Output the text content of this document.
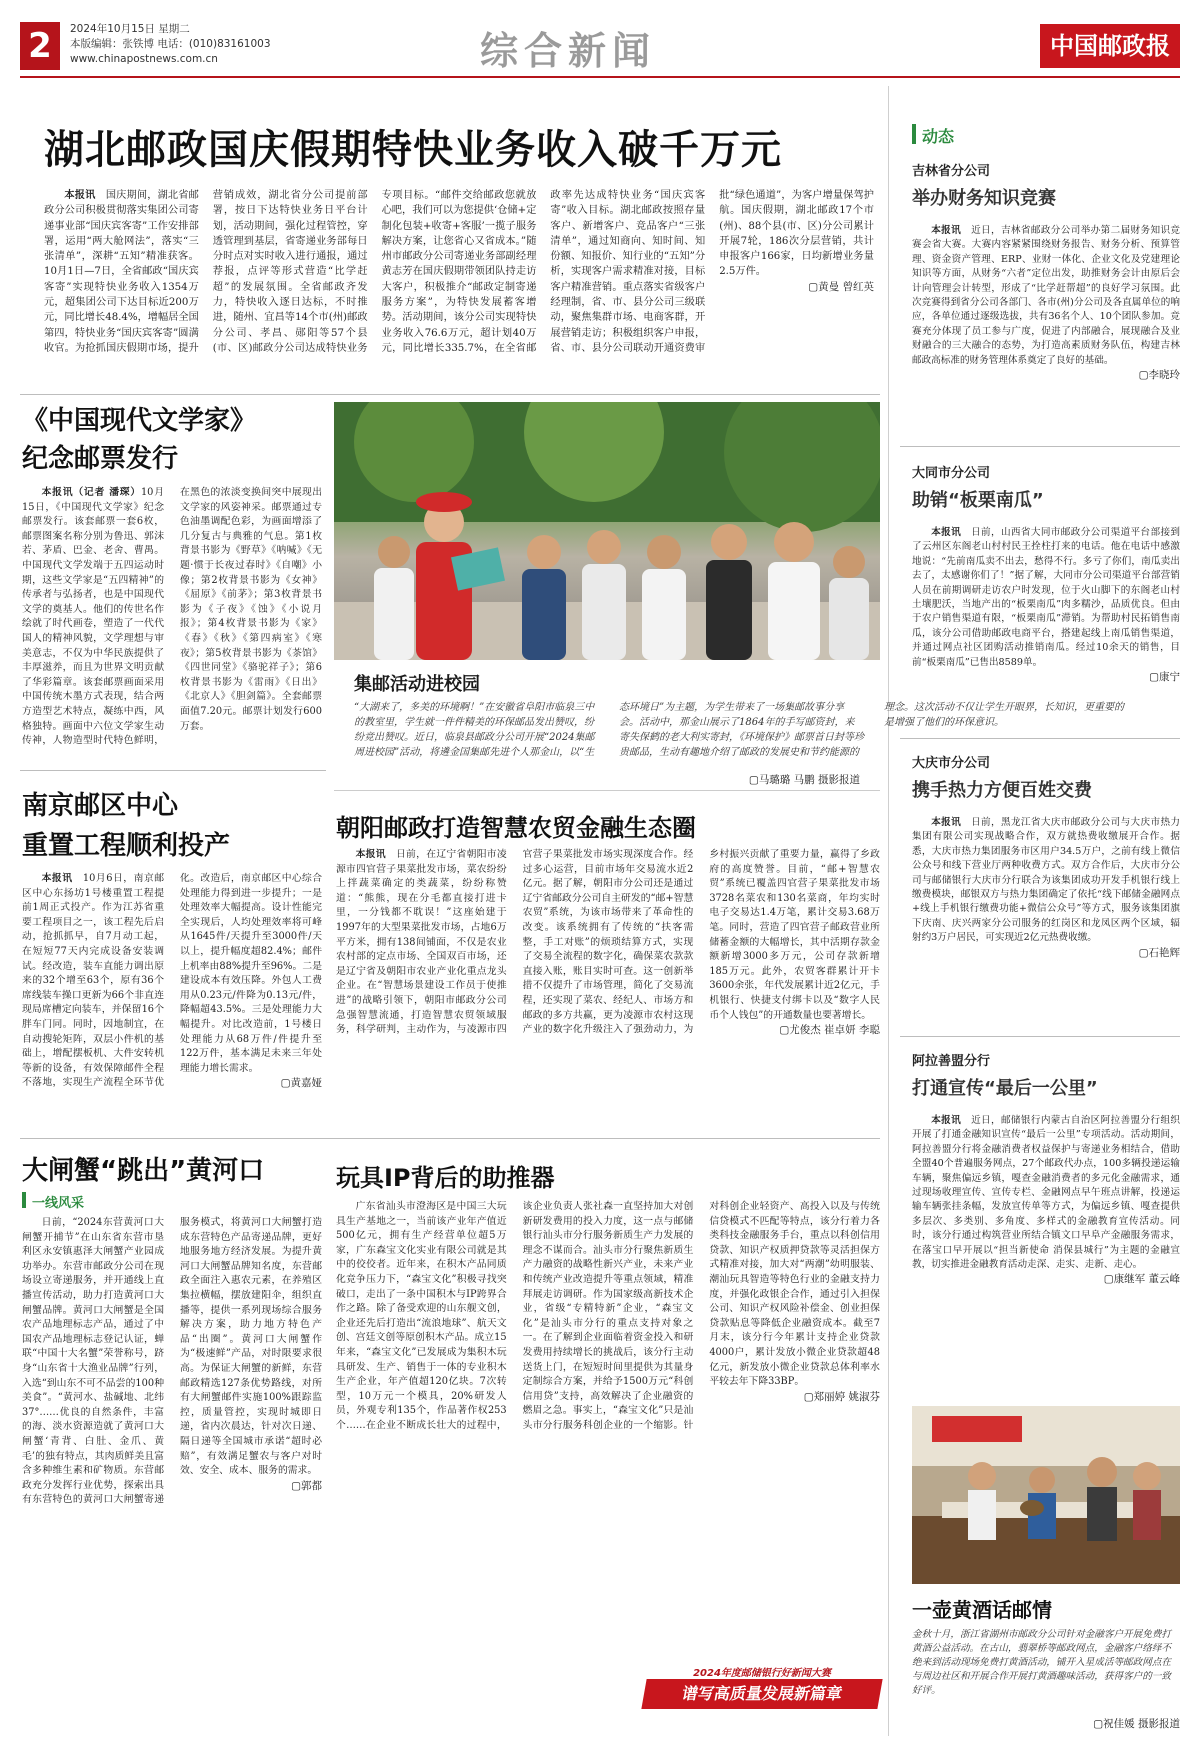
2	2024年10月15日 星期二
本版编辑：张铁博 电话：(010)83161003
www.chinapostnews.com.cn	综合新闻	中国邮政报
湖北邮政国庆假期特快业务收入破千万元

本报讯　 国庆期间，湖北省邮政分公司积极贯彻落实集团公司寄递事业部“国庆宾客寄”工作安排部署，运用“两大舱网法”，落实“三张清单”，深耕“五知”精准获客。10月1日—7日，全省邮政“国庆宾客寄”实现特快业务收入1354万元，超集团公司下达目标近200万元，同比增长48.4%，增幅居全国第四，特快业务“国庆宾客寄”圆满收官。为抢抓国庆假期市场，提升营销成效，湖北省分公司提前部署，按日下达特快业务日平台计划，活动期间，强化过程管控，穿透管理到基层，省寄递业务部每日分时点对实时收入进行通报，通过荐报，点评等形式营造“比学赶超”的发展氛围。全省邮政齐发力，特快收入逐日达标，不时推进，随州、宜昌等14个市(州)邮政分公司、孝昌、郧阳等57个县(市、区)邮政分公司达成特快业务专项目标。“邮件交给邮政您就放心吧，我们可以为您提供‘仓储+定制化包装+收寄+客服’一揽子服务解决方案，让您省心又省成本。”随州市邮政分公司寄递业务部副经理黄志芳在国庆假期带领团队持走访大客户，积极推介“邮政定制寄递服务方案”，为特快发展蓄客增势。活动期间，该分公司实现特快业务收入76.6万元，超计划40万元，同比增长335.7%，在全省邮政率先达成特快业务“国庆宾客寄”收入目标。湖北邮政按照存量客户、新增客户、竞品客户“三张清单”，通过知商向、知时间、知份额、知报价、知行业的“五知”分析，实现客户需求精准对接，目标客户精准营销。重点落实省级客户经理制，省、市、县分公司三级联动，聚焦集群市场、电商客群，开展营销走访；积极组织客户申报，省、市、县分公司联动开通资费审批“绿色通道”，为客户增量保驾护航。国庆假期，湖北邮政17个市(州)、88个县(市、区)分公司累计开展7轮，186次分层营销，共计申报客户166家，日均新增业务量2.5万件。

▢黄曼 曾红英
《中国现代文学家》
纪念邮票发行

本报讯（记者 潘琛）10月15日，《中国现代文学家》纪念邮票发行。该套邮票一套6枚，邮票图案名称分别为鲁迅、郭沫若、茅盾、巴金、老舍、曹禺。中国现代文学发端于五四运动时期，这些文学家是“五四精神”的传承者与弘扬者，也是中国现代文学的奠基人。他们的传世名作绘就了时代画卷，塑造了一代代国人的精神风貌，文学理想与审美意志，不仅为中华民族提供了丰厚滋养，而且为世界文明贡献了华彩篇章。该套邮票画面采用中国传统木墨方式表现，结合两方造型艺术特点，凝练中西，风格独特。画面中六位文学家生动传神，人物造型时代特色鲜明，在黑色的浓淡变换间突中展现出文学家的风姿神采。邮票通过专色油墨调配色彩，为画面增添了几分复古与典雅的气息。第1枚背景书影为《野草》《呐喊》《无题·惯于长夜过春时》《自嘲》小像；第2枚背景书影为《女神》《屈原》《前茅》；第3枚背景书影为《子夜》《蚀》《小说月报》；第4枚背景书影为《家》《春》《秋》《第四病室》《寒夜》；第5枚背景书影为《茶馆》《四世同堂》《骆驼祥子》；第6枚背景书影为《雷雨》《日出》《北京人》《胆剑篇》。全套邮票面值7.20元。邮票计划发行600万套。

集邮活动进校园
“大湖来了，多美的环境啊！”在安徽省阜阳市临泉三中的教室里，学生就一件件精美的环保邮品发出赞叹，纷纷竞出赞叹。近日，临泉县邮政分公司开展“2024集邮周进校园”活动，将遴金国集邮先进个人那金山，以“生态环境日”为主题，为学生带来了一场集邮故事分享会。活动中，那金山展示了1864年的手写邮资封，来寄失保鹤的老大利实寄封，《环境保护》邮票首日封等珍贵邮品，生动有趣地介绍了邮政的发展史和节约能源的理念。这次活动不仅让学生开眼界，长知识，更重要的是增强了他们的环保意识。
▢马璐璐 马鹏 摄影报道
南京邮区中心
重置工程顺利投产

本报讯　 10月6日，南京邮区中心东扬坊1号楼重置工程提前1周正式投产。作为江苏省重要工程项目之一，该工程先后启动，抢抓抓早，自7月动工起，在短短77天内完成设备安装调试。经改造，装车直能力调出原来的32个增至63个，原有36个席线装车操口更新为66个非直连现局席槽定向装车，并保留16个胖车门同。同时，因地制宜，在自动搜轮矩阵，双层小件机的基础上，增配摆板机、大件安转机等新的设备，有效保障邮件全程不落地，实现生产流程全环节优化。改造后，南京邮区中心综合处理能力得到进一步提升；一是处理效率大幅提高。设计性能完全实现后，人均处理效率将可峰从1645件/天提升至3000件/天以上，提升幅度超82.4%；邮件上机率由88%提升至96%。二是建设成本有效压降。外包人工费用从0.23元/件降为0.13元/件，降幅超43.5%。三是处理能力大幅提升。对比改造前，1号楼日处理能力从68万件/件提升至122万件，基本满足未来三年处理能力增长需求。

▢黄嘉娅
朝阳邮政打造智慧农贸金融生态圈

本报讯　 日前，在辽宁省朝阳市凌源市四官营子果菜批发市场，菜农纷纷上拌蔬菜确定的类蔬菜，纷纷称赞道：“熊熊，现在分毛都直接打进卡里，一分钱都不耽误！”这座始建于1997年的大型果菜批发市场，占地6万平方米，拥有138间铺面，不仅是农业农村部的定点市场、全国双百市场，还是辽宁省及朝阳市农业产业化重点龙头企业。在“智慧场景建设工作员于使推进”的战略引领下，朝阳市邮政分公司急强智慧流通，打造智慧农贸领域服务，科学研判，主动作为，与凌源市四官营子果菜批发市场实现深度合作。经过多心运营，目前市场年交易流水近2亿元。据了解，朝阳市分公司还是通过辽宁省邮政分公司自主研发的“邮+智慧农贸”系统，为该市场带来了革命性的改变。该系统拥有了传统的“扶客需整，手工对账”的烦琐结算方式，实现了交易全流程的数字化，确保菜农款款直接入账，账目实时可查。这一创新举措不仅提升了市场管理，简化了交易流程，还实现了菜农、经纪人、市场方和邮政的多方共赢，更为凌源市农村这现产业的数字化升级注入了强劲动力，为乡村振兴贡献了重要力量，赢得了乡政府的高度赞誉。目前，“邮+智慧农贸”系统已覆盖四官营子果菜批发市场3728名菜农和130名菜商，年均实时电子交易达1.4万笔，累计交易3.68万笔。同时，营造了四官营子邮政营业所储蓄金额的大幅增长，其中活期存款金额新增3000多万元，公司存款新增185万元。此外，农贸客群累计开卡3600余张，年代发展累计近2亿元，手机银行、快捷支付绑卡以及“数字人民币个人钱包”的开通数量也要著增长。

▢尤俊杰 崔卓妍 李聪
大闸蟹“跳出”黄河口
一线风采

日前，“2024东营黄河口大闸蟹开捕节”在山东省东营市垦利区永安镇惠泽大闸蟹产业园成功举办。东营市邮政分公司在现场设立寄递服务，并开通线上直播宣传活动，助力打造黄河口大闸蟹品牌。黄河口大闸蟹是全国农产品地理标志产品，通过了中国农产品地理标志登记认证，蝉联“中国十大名蟹”荣誉称号，跻身“山东省十大渔业品牌”行列，入选“到山东不可不品尝的100种美食”。“黄河水、盐碱地、北纬37°……优良的自然条件，丰富的海、淡水资源造就了黄河口大闸蟹‘青背、白肚、金爪、黄毛’的独有特点，其肉质鲜美且富含多种维生素和矿物质。东营邮政充分发挥行业优势，探索出具有东营特色的黄河口大闸蟹寄递服务模式，将黄河口大闸蟹打造成东营特色产品寄递品牌，更好地服务地方经济发展。为提升黄河口大闸蟹品牌知名度，东营邮政全面注入惠农元素，在养殖区集拉横幅，摆放建阳伞，组织直播等，提供一系列现场综合服务解决方案，助力地方特色产品“出圈”。黄河口大闸蟹作为“极速鲜”产品，对时限要求很高。为保证大闸蟹的新鲜，东营邮政精选127条优势路线，对所有大闸蟹邮件实施100%跟踪监控，质量管控，实现时城即日递，省内次晨达，针对次日递、隔日递等全国城市承诺“超时必赔”，有效满足蟹农与客户对时效、安全、成本、服务的需求。

▢郭都
玩具IP背后的助推器

广东省汕头市澄海区是中国三大玩具生产基地之一，当前该产业年产值近500亿元，拥有生产经营单位超5万家，广东森宝文化实业有限公司就是其中的佼佼者。近年来，在积木产品同质化竞争压力下，“森宝文化”积极寻找突破口，走出了一条中国积木与IP跨界合作之路。除了备受欢迎的山东舰文创，企业还先后打造出“流浪地球”、航天文创、宫廷文创等原创积木产品。成立15年来，“森宝文化”已发展成为集积木玩具研发、生产、销售于一体的专业积木生产企业，年产值超120亿块。7次转型，10万元一个模具，20%研发人员，外观专利135个，作品著作权253个……在企业不断成长壮大的过程中，该企业负责人张社森一直坚持加大对创新研发费用的投入力度，这一点与邮储银行汕头市分行服务新质生产力发展的理念不谋而合。汕头市分行聚焦新质生产力融资的战略性新兴产业，未来产业和传统产业改造提升等重点领域，精准拜展走访调研。作为国家级高新技术企业，省级“专精特新”企业，“森宝文化”是汕头市分行的重点支持对象之一。在了解到企业面临着资金投入和研发费用持续增长的挑战后，该分行主动送货上门，在短短时间里提供为其量身定制综合方案，并给予1500万元“科创信用贷”支持，高效解决了企业融资的燃眉之急。事实上，“森宝文化”只是汕头市分行服务科创企业的一个缩影。针对科创企业轻资产、高投入以及与传统信贷模式不匹配等特点，该分行着力各类科技金融服务手台，重点以科创信用贷款、知识产权质押贷款等灵活担保方式精准对接，加大对“两潮”幼明服装、潮汕玩具智造等特色行业的金融支持力度，并强化政银企合作，通过引入担保公司、知识产权风险补偿金、创业担保贷款贴息等降低企业融资成本。截至7月末，该分行今年累计支持企业贷款4000户，累计发放小微企业贷款超48亿元，新发放小微企业贷款总体利率水平较去年下降33BP。

▢郑丽婷 姚淑芬
2024年度邮储银行好新闻大赛
谱写高质量发展新篇章
动态
吉林省分公司
举办财务知识竞赛

本报讯　 近日，吉林省邮政分公司举办第二届财务知识竞赛会省大赛。大赛内容紧紧围绕财务报告、财务分析、预算管理、资金资产管理、ERP、业财一体化、企业文化及党建理论知识等方面，从财务“六者”定位出发，助推财务会计由原后会计向管理会计转型，形成了“比学赶帮超”的良好学习氛围。此次竞赛得到省分公司各部门、各市(州)分公司及各直属单位的响应，各单位通过逐级选拔，共有36名个人、10个团队参加。竞赛充分体现了员工参与广度，促进了内部融合，展现融合及业财融合的三大融合的态势，为打造高素质财务队伍，构建吉林邮政高标准的财务管理体系奠定了良好的基础。

▢李晓玲
大同市分公司
助销“板栗南瓜”

本报讯　 日前，山西省大同市邮政分公司渠道平台部接到了云州区东阁老山村村民王拴柱打来的电话。他在电话中感激地说：“先前南瓜卖不出去，愁得不行。多亏了你们，南瓜卖出去了，太感谢你们了！”据了解，大同市分公司渠道平台部营销人员在前期调研走访农户时发现，位于火山脚下的东阁老山村土壤肥沃，当地产出的“板栗南瓜”肉多糯沙，品质优良。但由于农户销售渠道有限，“板栗南瓜”滞销。为帮助村民拓销售南瓜，该分公司借助邮政电商平台，搭建起线上南瓜销售渠道，并通过网点社区团购活动推销南瓜。经过10余天的销售，目前“板栗南瓜”已售出8589单。

▢康宁
大庆市分公司
携手热力方便百姓交费

本报讯　 日前，黑龙江省大庆市邮政分公司与大庆市热力集团有限公司实现战略合作，双方就热费收缴展开合作。据悉，大庆市热力集团服务市区用户34.5万户，之前有线上微信公众号和线下营业厅两种收费方式。双方合作后，大庆市分公司与邮储银行大庆市分行联合为该集团成功开发手机银行线上缴费模块，邮银双方与热力集团确定了依托“线下邮储金融网点+线上手机银行缴费功能+微信公众号”等方式，服务该集团旗下庆南、庆兴两家分公司服务的红岗区和龙凤区两个区域，辐射约3万户居民，可实现近2亿元热费收缴。

▢石艳辉
阿拉善盟分行
打通宣传“最后一公里”

本报讯　 近日，邮储银行内蒙古自治区阿拉善盟分行组织开展了打通金融知识宣传“最后一公里”专项活动。活动期间，阿拉善盟分行将金融消费者权益保护与寄递业务相结合，借助全盟40个普遍服务网点，27个邮政代办点，100多辆投递运输车辆，聚焦偏远乡镇，嘎查金融消费者的多元化金融需求，通过现场收理宣传、宣传专栏、金融网点早午班点讲解，投递运输车辆张挂条幅，发放宣传单等方式，为偏远乡镇、嘎查提供多层次、多类别、多角度、多样式的金融教育宣传活动。同时，该分行通过构筑营业所结合镇文口早阜产金融服务需求，在落宝口早开展以“担当新使命 消保县城行”为主题的金融宣教，切实推进金融教育活动走深、走实、走新、走心。

▢康继军 董云峰
一壶黄酒话邮情
金秋十月，浙江省湖州市邮政分公司针对金融客户开展免费打黄酒公益活动。在古山，翡翠桥等邮政网点，金融客户络绎不绝来到活动现场免费打黄酒活动，铺开入星成活等邮政网点在与周边社区和开展合作开展打黄酒趣味活动，获得客户的一致好评。
▢祝佳媛 摄影报道
